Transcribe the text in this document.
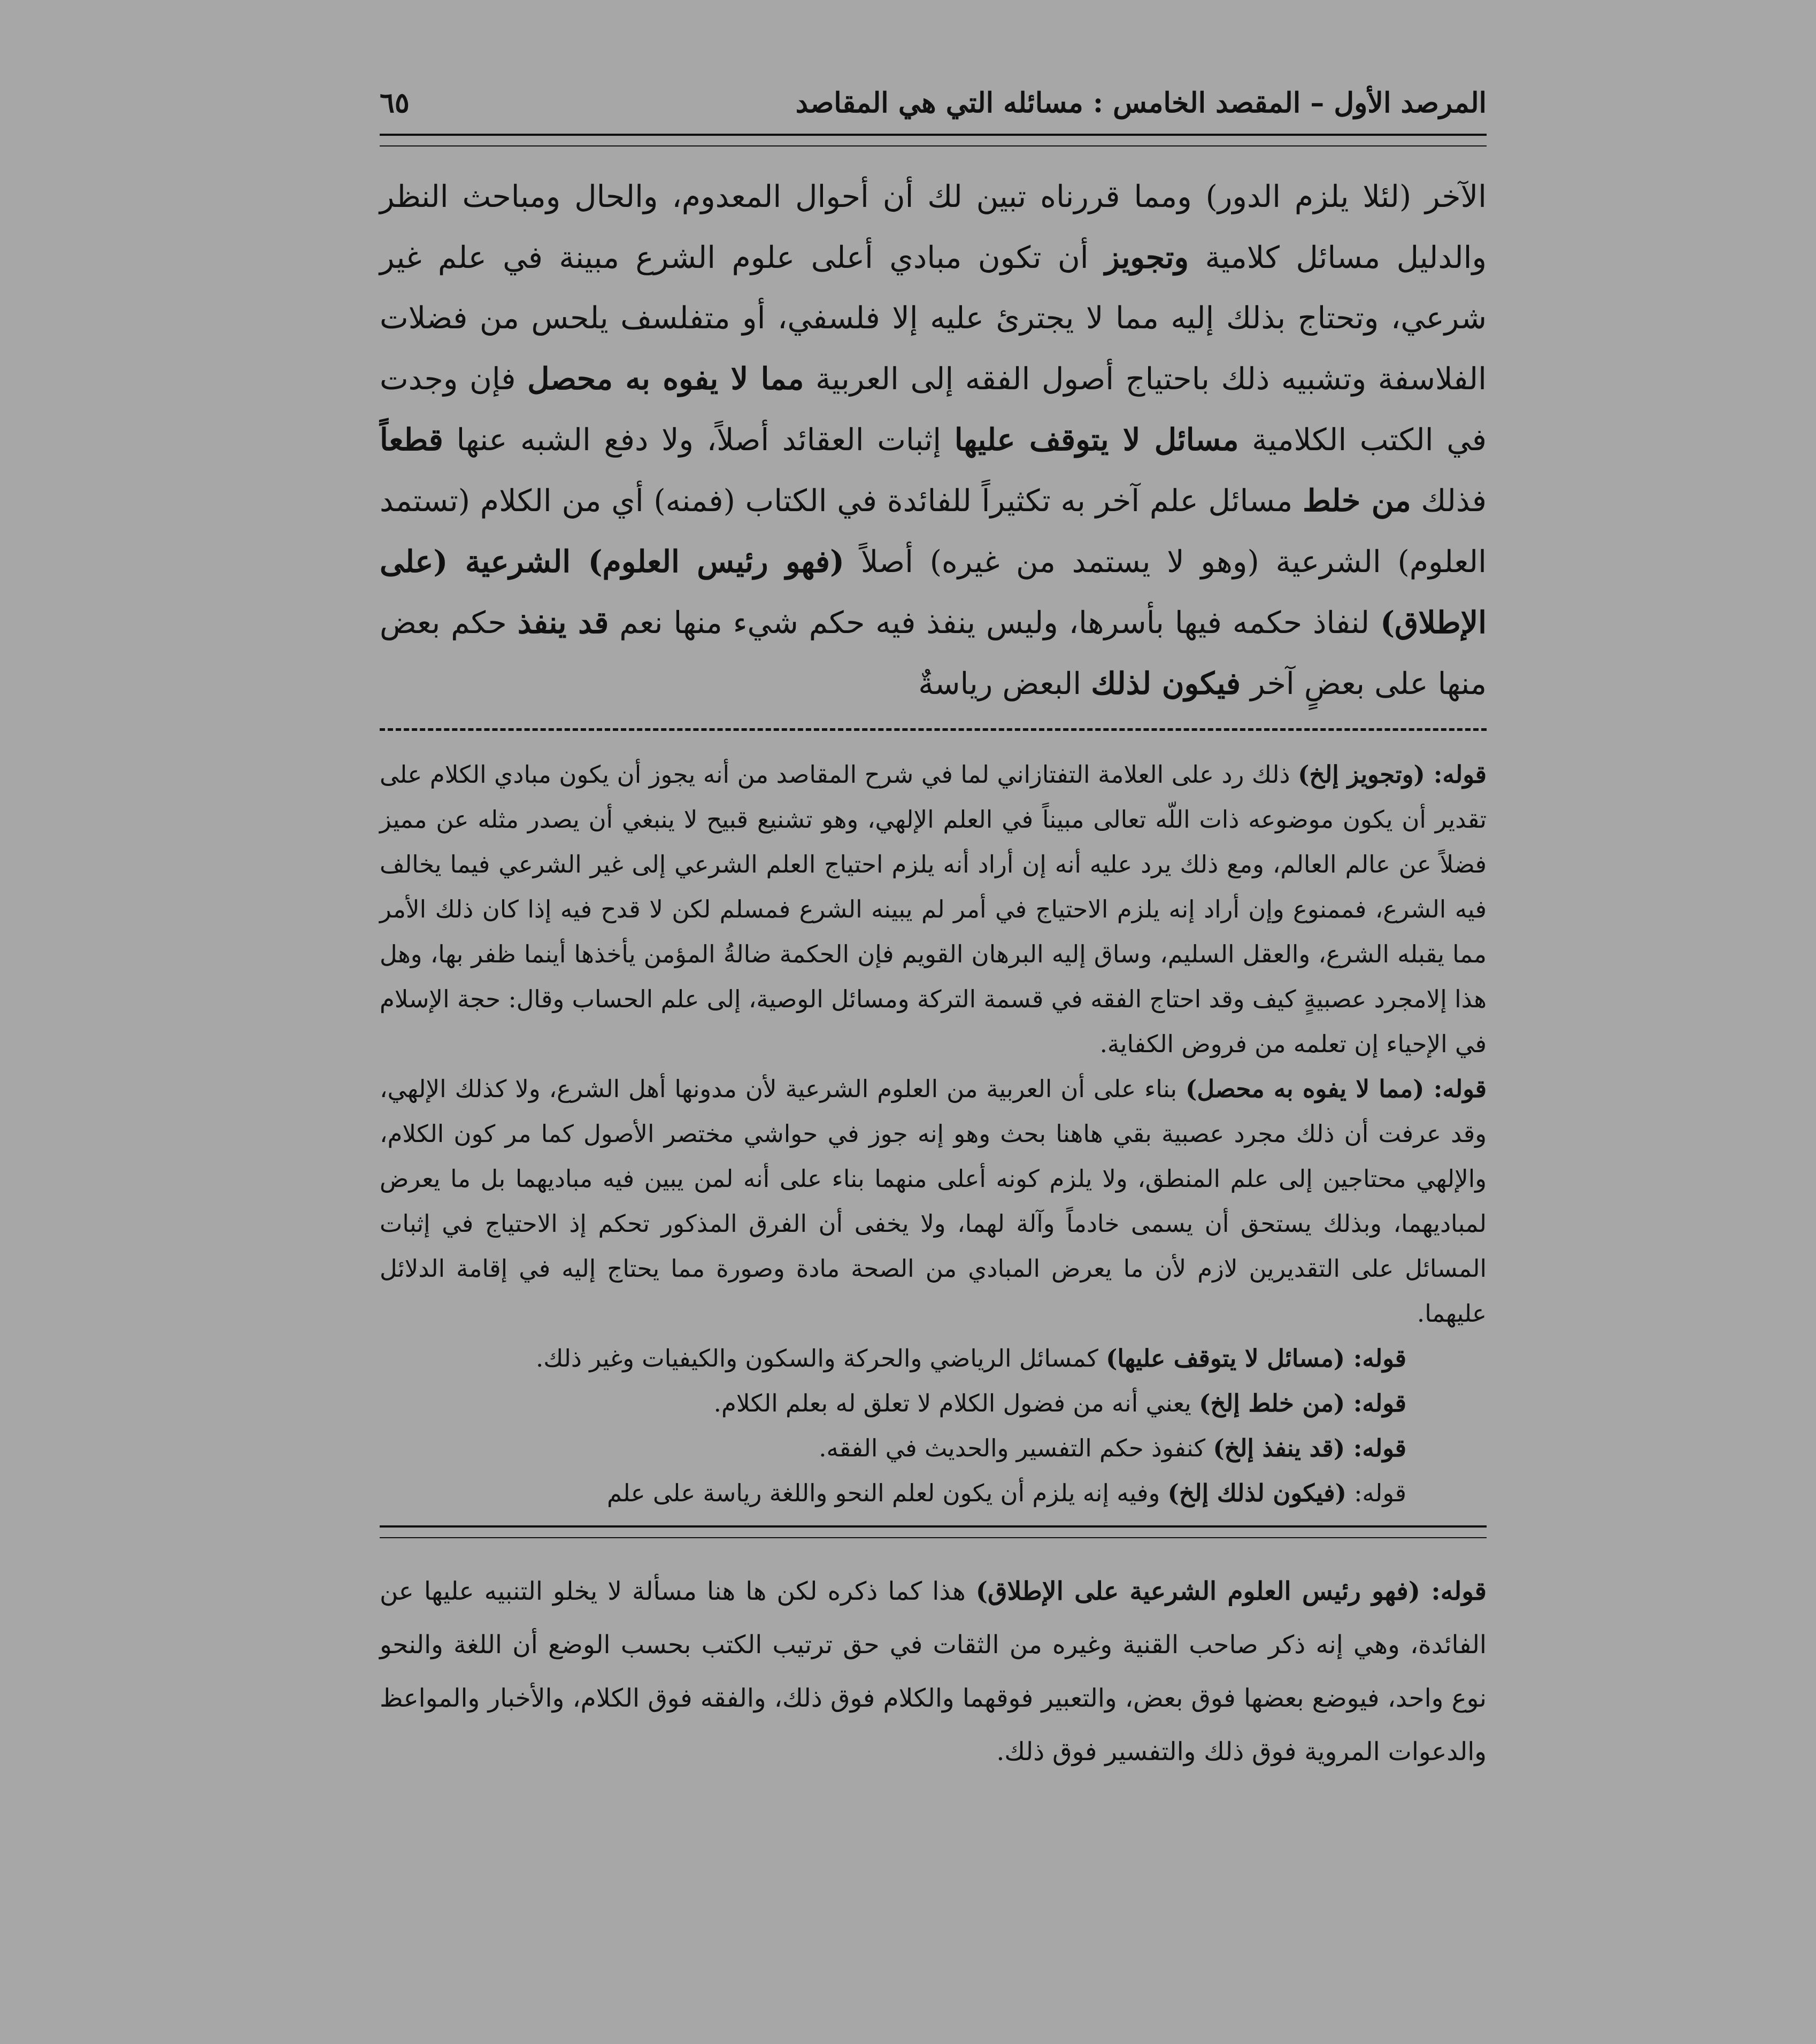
المرصد الأول – المقصد الخامس : مسائله التي هي المقاصد
٦٥

الآخر (لئلا يلزم الدور) ومما قررناه تبين لك أن أحوال المعدوم، والحال ومباحث النظر والدليل مسائل كلامية وتجويز أن تكون مبادي أعلى علوم الشرع مبينة في علم غير شرعي، وتحتاج بذلك إليه مما لا يجترئ عليه إلا فلسفي، أو متفلسف يلحس من فضلات الفلاسفة وتشبيه ذلك باحتياج أصول الفقه إلى العربية مما لا يفوه به محصل فإن وجدت في الكتب الكلامية مسائل لا يتوقف عليها إثبات العقائد أصلاً، ولا دفع الشبه عنها قطعاً فذلك من خلط مسائل علم آخر به تكثيراً للفائدة في الكتاب (فمنه) أي من الكلام (تستمد العلوم) الشرعية (وهو لا يستمد من غيره) أصلاً (فهو رئيس العلوم) الشرعية (على الإطلاق) لنفاذ حكمه فيها بأسرها، وليس ينفذ فيه حكم شيء منها نعم قد ينفذ حكم بعض منها على بعضٍ آخر فيكون لذلك البعض رياسةٌ

قوله: (وتجويز إلخ) ذلك رد على العلامة التفتازاني لما في شرح المقاصد من أنه يجوز أن يكون مبادي الكلام على تقدير أن يكون موضوعه ذات اللّه تعالى مبيناً في العلم الإلهي، وهو تشنيع قبيح لا ينبغي أن يصدر مثله عن مميز فضلاً عن عالم العالم، ومع ذلك يرد عليه أنه إن أراد أنه يلزم احتياج العلم الشرعي إلى غير الشرعي فيما يخالف فيه الشرع، فممنوع وإن أراد إنه يلزم الاحتياج في أمر لم يبينه الشرع فمسلم لكن لا قدح فيه إذا كان ذلك الأمر مما يقبله الشرع، والعقل السليم، وساق إليه البرهان القويم فإن الحكمة ضالةُ المؤمن يأخذها أينما ظفر بها، وهل هذا إلامجرد عصبيةٍ كيف وقد احتاج الفقه في قسمة التركة ومسائل الوصية، إلى علم الحساب وقال: حجة الإسلام في الإحياء إن تعلمه من فروض الكفاية.

قوله: (مما لا يفوه به محصل) بناء على أن العربية من العلوم الشرعية لأن مدونها أهل الشرع، ولا كذلك الإلهي، وقد عرفت أن ذلك مجرد عصبية بقي هاهنا بحث وهو إنه جوز في حواشي مختصر الأصول كما مر كون الكلام، والإلهي محتاجين إلى علم المنطق، ولا يلزم كونه أعلى منهما بناء على أنه لمن يبين فيه مباديهما بل ما يعرض لمباديهما، وبذلك يستحق أن يسمى خادماً وآلة لهما، ولا يخفى أن الفرق المذكور تحكم إذ الاحتياج في إثبات المسائل على التقديرين لازم لأن ما يعرض المبادي من الصحة مادة وصورة مما يحتاج إليه في إقامة الدلائل عليهما.

قوله: (مسائل لا يتوقف عليها) كمسائل الرياضي والحركة والسكون والكيفيات وغير ذلك.

قوله: (من خلط إلخ) يعني أنه من فضول الكلام لا تعلق له بعلم الكلام.

قوله: (قد ينفذ إلخ) كنفوذ حكم التفسير والحديث في الفقه.

قوله: (فيكون لذلك إلخ) وفيه إنه يلزم أن يكون لعلم النحو واللغة رياسة على علم

قوله: (فهو رئيس العلوم الشرعية على الإطلاق) هذا كما ذكره لكن ها هنا مسألة لا يخلو التنبيه عليها عن الفائدة، وهي إنه ذكر صاحب القنية وغيره من الثقات في حق ترتيب الكتب بحسب الوضع أن اللغة والنحو نوع واحد، فيوضع بعضها فوق بعض، والتعبير فوقهما والكلام فوق ذلك، والفقه فوق الكلام، والأخبار والمواعظ والدعوات المروية فوق ذلك والتفسير فوق ذلك.
